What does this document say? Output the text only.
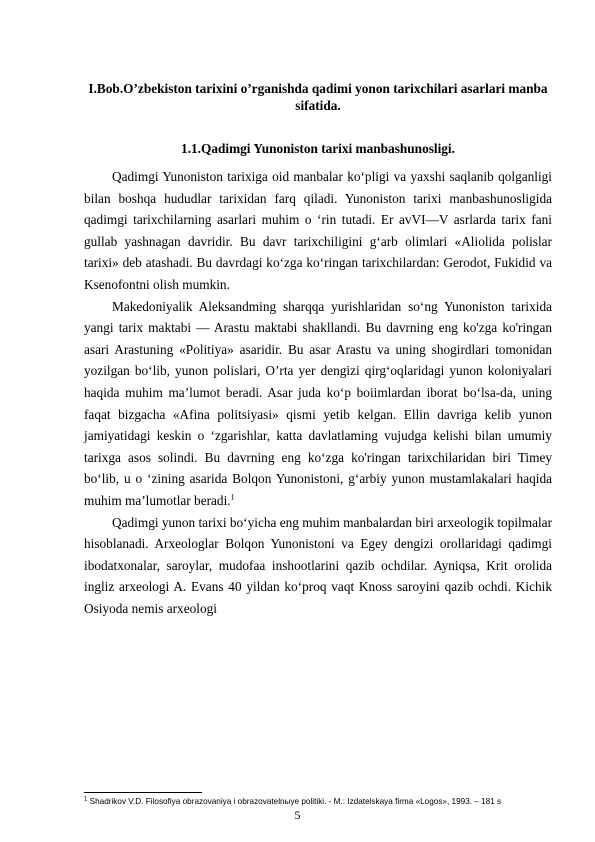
I.Bob.O’zbekiston tarixini o’rganishda qadimi yonon tarixchilari asarlari manba sifatida.
1.1.Qadimgi Yunoniston tarixi manbashunosligi.

Qadimgi Yunoniston tarixiga oid manbalar ko‘pligi va yaxshi saqlanib qolganligi bilan boshqa hududlar tarixidan farq qiladi. Yunoniston tarixi manbashunosligida qadimgi tarixchilarning asarlari muhim o ‘rin tutadi. Er avVI—V asrlarda tarix fani gullab yashnagan davridir. Bu davr tarixchiligini g‘arb olimlari «Aliolida polislar tarixi» deb atashadi. Bu davrdagi ko‘zga ko‘ringan tarixchilardan: Gerodot, Fukidid va Ksenofontni olish mumkin.

Makedoniyalik Aleksandming sharqqa yurishlaridan so‘ng Yunoniston tarixida yangi tarix maktabi — Arastu maktabi shakllandi. Bu davrning eng ko'zga ko'ringan asari Arastuning «Politiya» asaridir. Bu asar Arastu va uning shogirdlari tomonidan yozilgan bo‘lib, yunon polislari, O’rta yer dengizi qirg‘oqlaridagi yunon koloniyalari haqida muhim ma’lumot beradi. Asar juda ko‘p boiimlardan iborat bo‘lsa-da, uning faqat bizgacha «Afina politsiyasi» qismi yetib kelgan. Ellin davriga kelib yunon jamiyatidagi keskin o ‘zgarishlar, katta davlatlaming vujudga kelishi bilan umumiy tarixga asos solindi. Bu davrning eng ko‘zga ko'ringan tarixchilaridan biri Timey bo‘lib, u o ‘zining asarida Bolqon Yunonistoni, g‘arbiy yunon mustamlakalari haqida muhim ma’lumotlar beradi.$^1$

Qadimgi yunon tarixi bo‘yicha eng muhim manbalardan biri arxeologik topilmalar hisoblanadi. Arxeologlar Bolqon Yunonistoni va Egey dengizi orollaridagi qadimgi ibodatxonalar, saroylar, mudofaa inshootlarini qazib ochdilar. Ayniqsa, Krit orolida ingliz arxeologi A. Evans 40 yildan ko‘proq vaqt Knoss saroyini qazib ochdi. Kichik Osiyoda nemis arxeologi

$^1$ Shadrikov V.D. Filosofiya obrazovaniya i obrazovatelnыye politiki. - M.: Izdatelskaya firma «Logos», 1993. – 181 s
5
